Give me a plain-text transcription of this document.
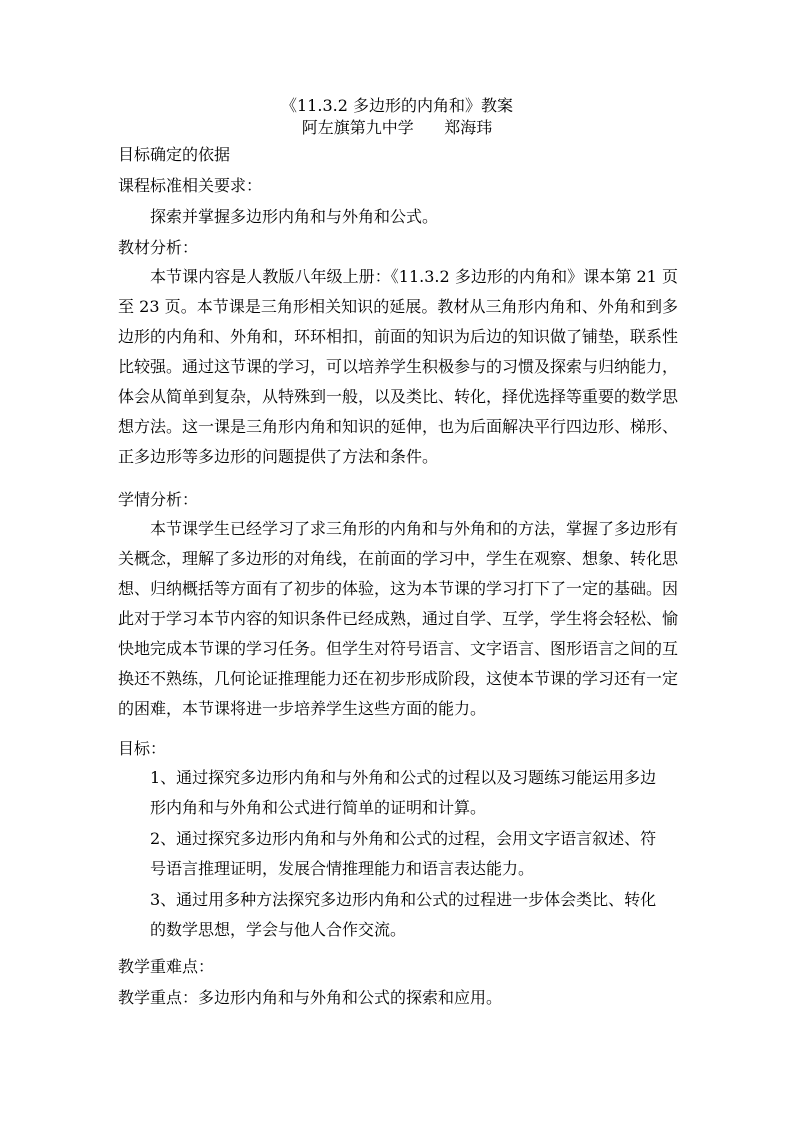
《11.3.2 多边形的内角和》教案
阿左旗第九中学      郑海玮
目标确定的依据
课程标准相关要求：
探索并掌握多边形内角和与外角和公式。
教材分析：

本节课内容是人教版八年级上册：《11.3.2 多边形的内角和》课本第 21 页至 23 页。本节课是三角形相关知识的延展。教材从三角形内角和、外角和到多边形的内角和、外角和，环环相扣，前面的知识为后边的知识做了铺垫，联系性比较强。通过这节课的学习，可以培养学生积极参与的习惯及探索与归纳能力，体会从简单到复杂，从特殊到一般，以及类比、转化，择优选择等重要的数学思想方法。这一课是三角形内角和知识的延伸，也为后面解决平行四边形、梯形、正多边形等多边形的问题提供了方法和条件。

学情分析：

本节课学生已经学习了求三角形的内角和与外角和的方法，掌握了多边形有关概念，理解了多边形的对角线，在前面的学习中，学生在观察、想象、转化思想、归纳概括等方面有了初步的体验，这为本节课的学习打下了一定的基础。因此对于学习本节内容的知识条件已经成熟，通过自学、互学，学生将会轻松、愉快地完成本节课的学习任务。但学生对符号语言、文字语言、图形语言之间的互换还不熟练，几何论证推理能力还在初步形成阶段，这使本节课的学习还有一定的困难，本节课将进一步培养学生这些方面的能力。

目标：
1、通过探究多边形内角和与外角和公式的过程以及习题练习能运用多边
形内角和与外角和公式进行简单的证明和计算。
2、通过探究多边形内角和与外角和公式的过程，会用文字语言叙述、符
号语言推理证明，发展合情推理能力和语言表达能力。
3、通过用多种方法探究多边形内角和公式的过程进一步体会类比、转化
的数学思想，学会与他人合作交流。
教学重难点：
教学重点：多边形内角和与外角和公式的探索和应用。
